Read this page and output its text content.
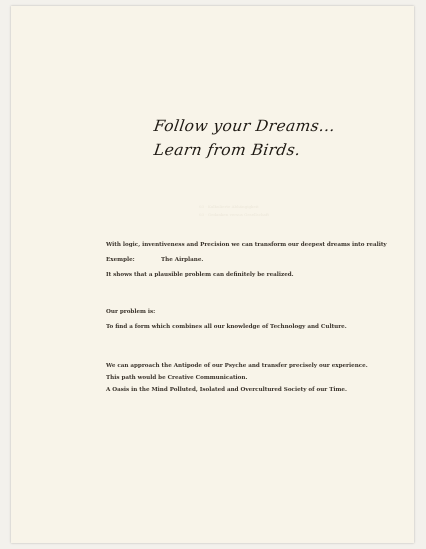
Follow your Dreams...
Learn from Birds.
03 · Kalkulierte Abhängigkeit
03 · Gedanken versus Gesellschaft
With logic, inventiveness and Precision we can transform our deepest dreams into reality
Exemple:	The Airplane.
It shows that a plausible problem can definitely be realized.
Our problem is:
To find a form which combines all our knowledge of Technology and Culture.
We can approach the Antipode of our Psyche and transfer precisely our experience.
This path would be Creative Communication.
A Oasis in the Mind Polluted, Isolated and Overcultured Society of our Time.
